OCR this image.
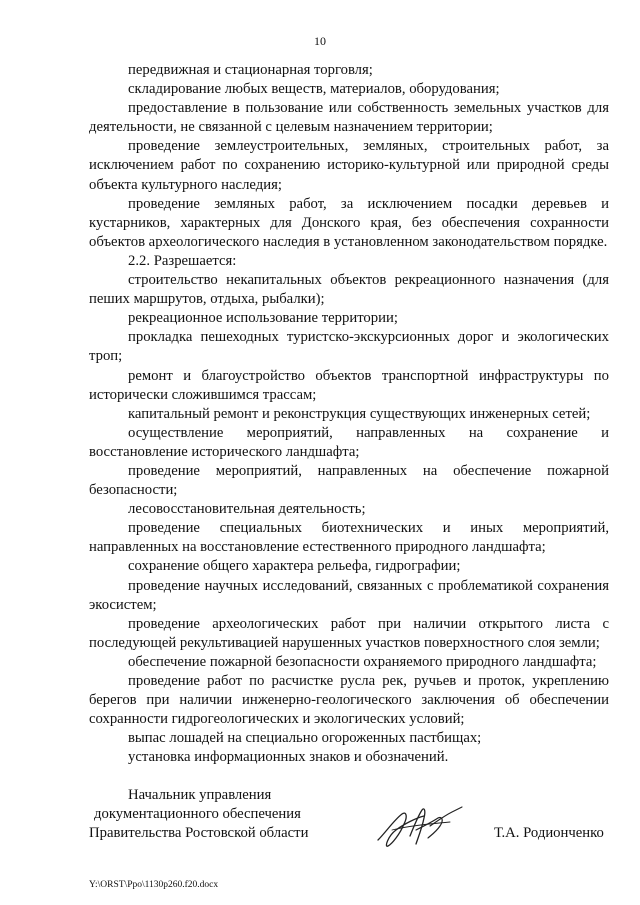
10

передвижная и стационарная торговля;

складирование любых веществ, материалов, оборудования;

предоставление в пользование или собственность земельных участков для деятельности, не связанной с целевым назначением территории;

проведение землеустроительных, земляных, строительных работ, за исключением работ по сохранению историко-культурной или природной среды объекта культурного наследия;

проведение земляных работ, за исключением посадки деревьев и кустарников, характерных для Донского края, без обеспечения сохранности объектов археологического наследия в установленном законодательством порядке.

2.2. Разрешается:

строительство некапитальных объектов рекреационного назначения (для пеших маршрутов, отдыха, рыбалки);

рекреационное использование территории;

прокладка пешеходных туристско-экскурсионных дорог и экологических троп;

ремонт и благоустройство объектов транспортной инфраструктуры по исторически сложившимся трассам;

капитальный ремонт и реконструкция существующих инженерных сетей;

осуществление мероприятий, направленных на сохранение и восстановление исторического ландшафта;

проведение мероприятий, направленных на обеспечение пожарной безопасности;

лесовосстановительная деятельность;

проведение специальных биотехнических и иных мероприятий, направленных на восстановление естественного природного ландшафта;

сохранение общего характера рельефа, гидрографии;

проведение научных исследований, связанных с проблематикой сохранения экосистем;

проведение археологических работ при наличии открытого листа с последующей рекультивацией нарушенных участков поверхностного слоя земли;

обеспечение пожарной безопасности охраняемого природного ландшафта;

проведение работ по расчистке русла рек, ручьев и проток, укреплению берегов при наличии инженерно-геологического заключения об обеспечении сохранности гидрогеологических и экологических условий;

выпас лошадей на специально огороженных пастбищах;

установка информационных знаков и обозначений.

Начальник управления
документационного обеспечения
Правительства Ростовской области	Т.А. Родионченко
Y:\ORST\Ppo\1130p260.f20.docx
